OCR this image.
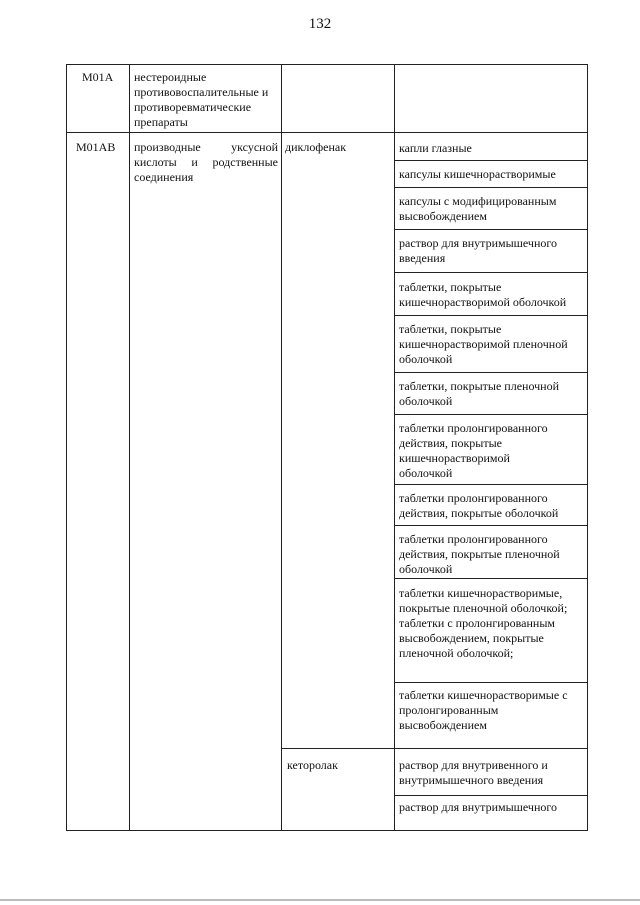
132
М01А нестероидные
противовоспалительные и
противоревматические
препараты
М01АВ производные уксусной
кислоты и родственные
соединения
диклофенак	капли глазные
капсулы кишечнорастворимые
капсулы с модифицированным
высвобождением
раствор для внутримышечного
введения
таблетки, покрытые
кишечнорастворимой оболочкой
таблетки, покрытые
кишечнорастворимой пленочной
оболочкой
таблетки, покрытые пленочной
оболочкой
таблетки пролонгированного
действия, покрытые
кишечнорастворимой
оболочкой
таблетки пролонгированного
действия, покрытые оболочкой
таблетки пролонгированного
действия, покрытые пленочной
оболочкой
таблетки кишечнорастворимые,
покрытые пленочной оболочкой;
таблетки с пролонгированным
высвобождением, покрытые
пленочной оболочкой;
таблетки кишечнорастворимые с
пролонгированным
высвобождением
кеторолак	раствор для внутривенного и
внутримышечного введения
раствор для внутримышечного
